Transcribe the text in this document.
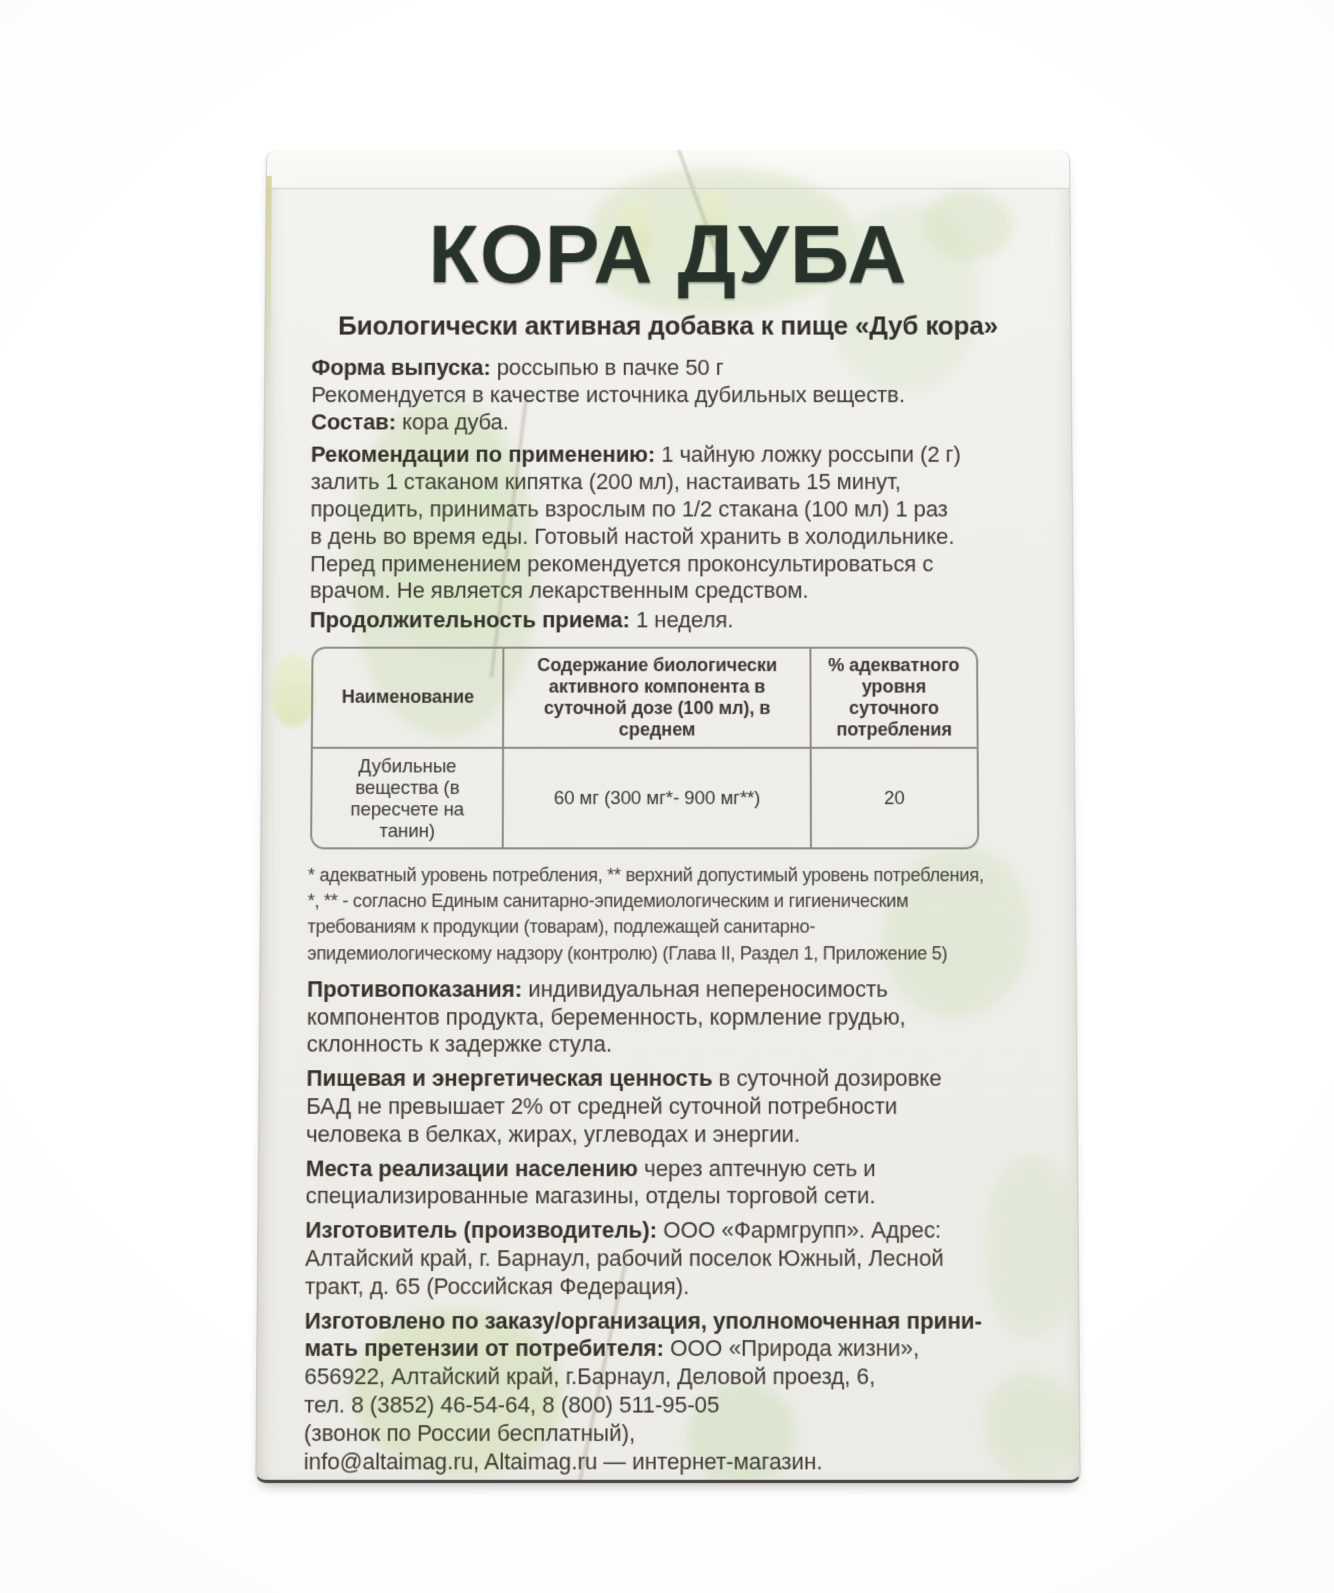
КОРА ДУБА
Биологически активная добавка к пище «Дуб кора»
Форма выпуска: россыпью в пачке 50 г
Рекомендуется в качестве источника дубильных веществ.
Состав: кора дуба.
Рекомендации по применению: 1 чайную ложку россыпи (2 г)
залить 1 стаканом кипятка (200 мл), настаивать 15 минут,
процедить, принимать взрослым по 1/2 стакана (100 мл) 1 раз
в день во время еды. Готовый настой хранить в холодильнике.
Перед применением рекомендуется проконсультироваться с
врачом. Не является лекарственным средством.
Продолжительность приема: 1 неделя.
Наименование	Содержание биологически активного компонента в суточной дозе (100 мл), в среднем	% адекватного уровня суточного потребления
Дубильные вещества (в пересчете на танин)	60 мг (300 мг*- 900 мг**)	20
* адекватный уровень потребления, ** верхний допустимый уровень потребления,
*, ** - согласно Единым санитарно-эпидемиологическим и гигиеническим
требованиям к продукции (товарам), подлежащей санитарно-
эпидемиологическому надзору (контролю) (Глава II, Раздел 1, Приложение 5)
Противопоказания: индивидуальная непереносимость
компонентов продукта, беременность, кормление грудью,
склонность к задержке стула.
Пищевая и энергетическая ценность в суточной дозировке
БАД не превышает 2% от средней суточной потребности
человека в белках, жирах, углеводах и энергии.
Места реализации населению через аптечную сеть и
специализированные магазины, отделы торговой сети.
Изготовитель (производитель): ООО «Фармгрупп». Адрес:
Алтайский край, г. Барнаул, рабочий поселок Южный, Лесной
тракт, д. 65 (Российская Федерация).
Изготовлено по заказу/организация, уполномоченная прини-
мать претензии от потребителя: ООО «Природа жизни»,
656922, Алтайский край, г.Барнаул, Деловой проезд, 6,
тел. 8 (3852) 46-54-64, 8 (800) 511-95-05
(звонок по России бесплатный),
info@altaimag.ru, Altaimag.ru — интернет-магазин.
